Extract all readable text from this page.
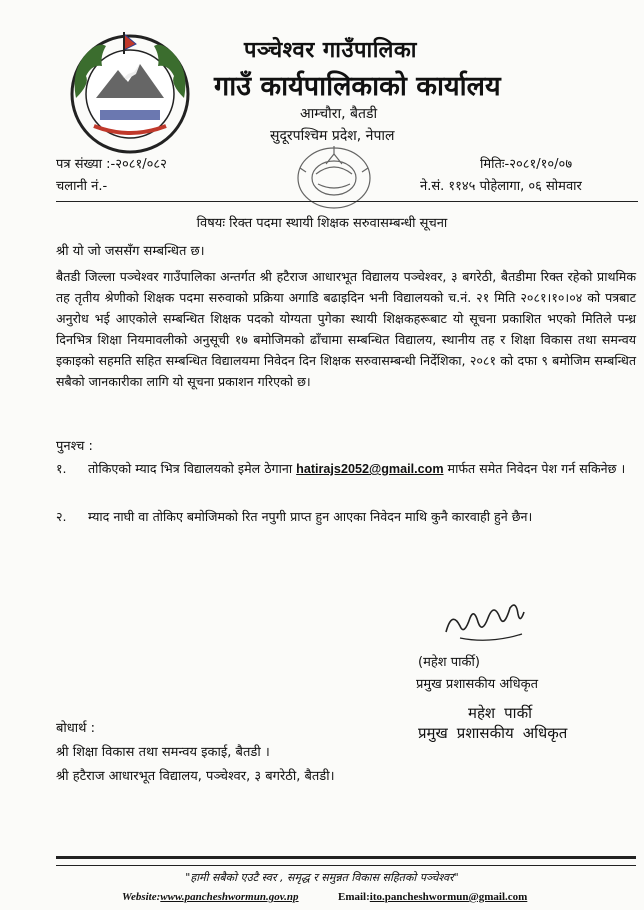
पञ्चेश्वर गाउँपालिका
गाउँ कार्यपालिकाको कार्यालय
आम्चौरा, बैतडी
सुदूरपश्चिम प्रदेश, नेपाल
पत्र संख्या :-२०८१/०८२
चलानी नं.-
मितिः-२०८१/१०/०७
ने.सं. ११४५ पोहेलागा, ०६ सोमवार
विषयः रिक्त पदमा स्थायी शिक्षक सरुवासम्बन्धी सूचना
श्री यो जो जससँग सम्बन्धित छ।
बैतडी जिल्ला पञ्चेश्वर गाउँपालिका अन्तर्गत श्री हटैराज आधारभूत विद्यालय पञ्चेश्वर, ३ बगरेठी, बैतडीमा रिक्त रहेको प्राथमिक तह तृतीय श्रेणीको शिक्षक पदमा सरुवाको प्रक्रिया अगाडि बढाइदिन भनी विद्यालयको च.नं. २१ मिति २०८१।१०।०४ को पत्रबाट अनुरोध भई आएकोले सम्बन्धित शिक्षक पदको योग्यता पुगेका स्थायी शिक्षकहरूबाट यो सूचना प्रकाशित भएको मितिले पन्ध्र दिनभित्र शिक्षा नियमावलीको अनुसूची १७ बमोजिमको ढाँचामा सम्बन्धित विद्यालय, स्थानीय तह र शिक्षा विकास तथा समन्वय इकाइको सहमति सहित सम्बन्धित विद्यालयमा निवेदन दिन शिक्षक सरुवासम्बन्धी निर्देशिका, २०८१ को दफा ९ बमोजिम सम्बन्धित सबैको जानकारीका लागि यो सूचना प्रकाशन गरिएको छ।
पुनश्च :
१. तोकिएको म्याद भित्र विद्यालयको इमेल ठेगाना hatirajs2052@gmail.com मार्फत समेत निवेदन पेश गर्न सकिनेछ ।
२. म्याद नाघी वा तोकिए बमोजिमको रित नपुगी प्राप्त हुन आएका निवेदन माथि कुनै कारवाही हुने छैन।
(महेश पार्की)
प्रमुख प्रशासकीय अधिकृत
महेश पार्की
प्रमुख प्रशासकीय अधिकृत
बोधार्थ :
श्री शिक्षा विकास तथा समन्वय इकाई, बैतडी ।
श्री हटैराज आधारभूत विद्यालय, पञ्चेश्वर, ३ बगरेठी, बैतडी।
"हामी सबैको एउटै स्वर , समृद्ध र समुन्नत विकास सहितको पञ्चेश्वर"
Website:www.pancheshwormun.gov.np	Email:ito.pancheshwormun@gmail.com
